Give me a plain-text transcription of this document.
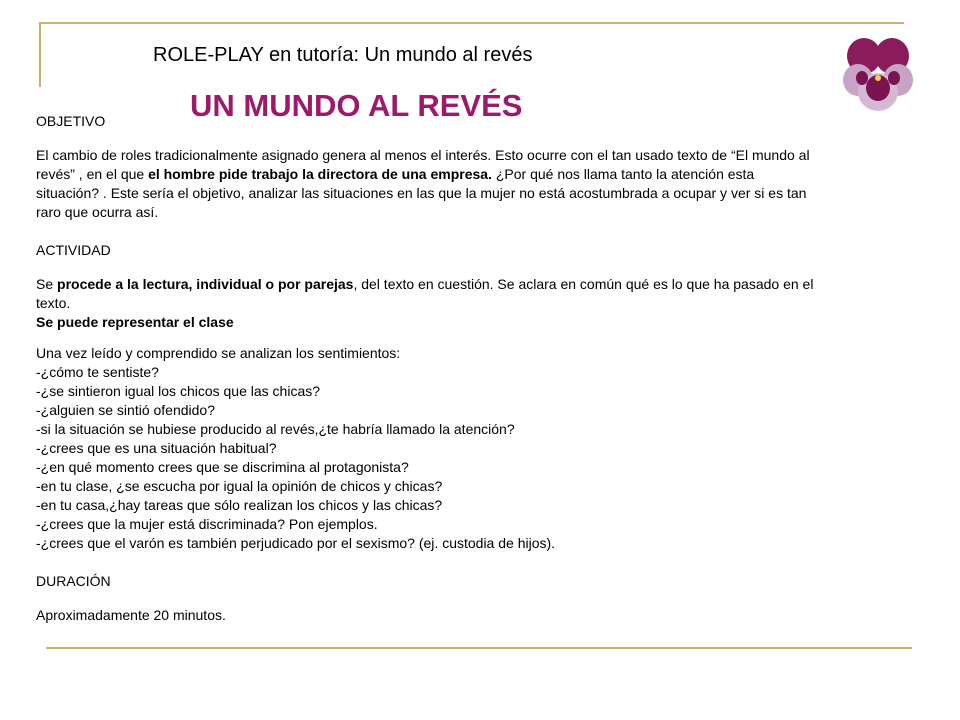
ROLE-PLAY en tutoría: Un mundo al revés
UN MUNDO AL REVÉS

OBJETIVO

El cambio de roles tradicionalmente asignado genera al menos el interés. Esto ocurre con el tan usado texto de “El mundo al revés” , en el que el hombre pide trabajo la directora de una empresa. ¿Por qué nos llama tanto la atención esta situación? . Este sería el objetivo, analizar las situaciones en las que la mujer no está acostumbrada a ocupar y ver si es tan raro que ocurra así.

ACTIVIDAD

Se procede a la lectura, individual o por parejas, del texto en cuestión. Se aclara en común qué es lo que ha pasado en el texto.

Se puede representar el clase

Una vez leído y comprendido se analizan los sentimientos:

-¿cómo te sentiste?
-¿se sintieron igual los chicos que las chicas?
-¿alguien se sintió ofendido?
-si la situación se hubiese producido al revés,¿te habría llamado la atención?
-¿crees que es una situación habitual?
-¿en qué momento crees que se discrimina al protagonista?
-en tu clase, ¿se escucha por igual la opinión de chicos y chicas?
-en tu casa,¿hay tareas que sólo realizan los chicos y las chicas?
-¿crees que la mujer está discriminada? Pon ejemplos.
-¿crees que el varón es también perjudicado por el sexismo? (ej. custodia de hijos).

DURACIÓN

Aproximadamente 20 minutos.
